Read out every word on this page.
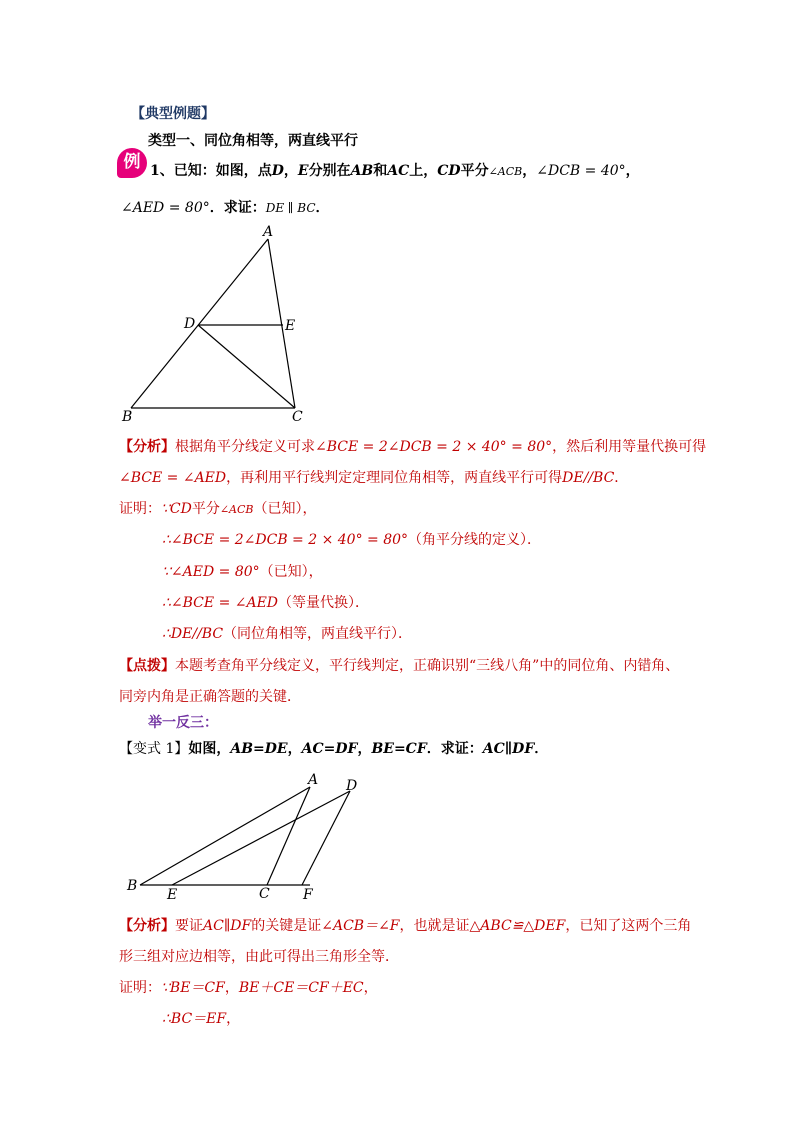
【典型例题】
类型一、同位角相等，两直线平行
例 1、已知：如图，点D，E分别在AB和AC上，CD平分∠ACB，∠DCB = 40°，
∠AED = 80°．求证：DE ∥ BC．
A
B	C
D	E
【分析】根据角平分线定义可求∠BCE = 2∠DCB = 2 × 40° = 80°，然后利用等量代换可得
∠BCE = ∠AED，再利用平行线判定定理同位角相等，两直线平行可得DE//BC．
证明：∵CD平分∠ACB（已知），
∴∠BCE = 2∠DCB = 2 × 40° = 80°（角平分线的定义）．
∵∠AED = 80°（已知），
∴∠BCE = ∠AED（等量代换）．
∴DE//BC（同位角相等，两直线平行）．
【点拨】本题考查角平分线定义，平行线判定，正确识别“三线八角”中的同位角、内错角、
同旁内角是正确答题的关键．
举一反三：
【变式 1】如图，AB=DE，AC=DF，BE=CF．求证：AC∥DF．
A
B	C
D
E	F
【分析】要证AC∥DF的关键是证∠ACB＝∠F，也就是证△ABC≌△DEF，已知了这两个三角
形三组对应边相等，由此可得出三角形全等．
证明：∵BE＝CF，BE＋CE＝CF＋EC，
∴BC＝EF，
